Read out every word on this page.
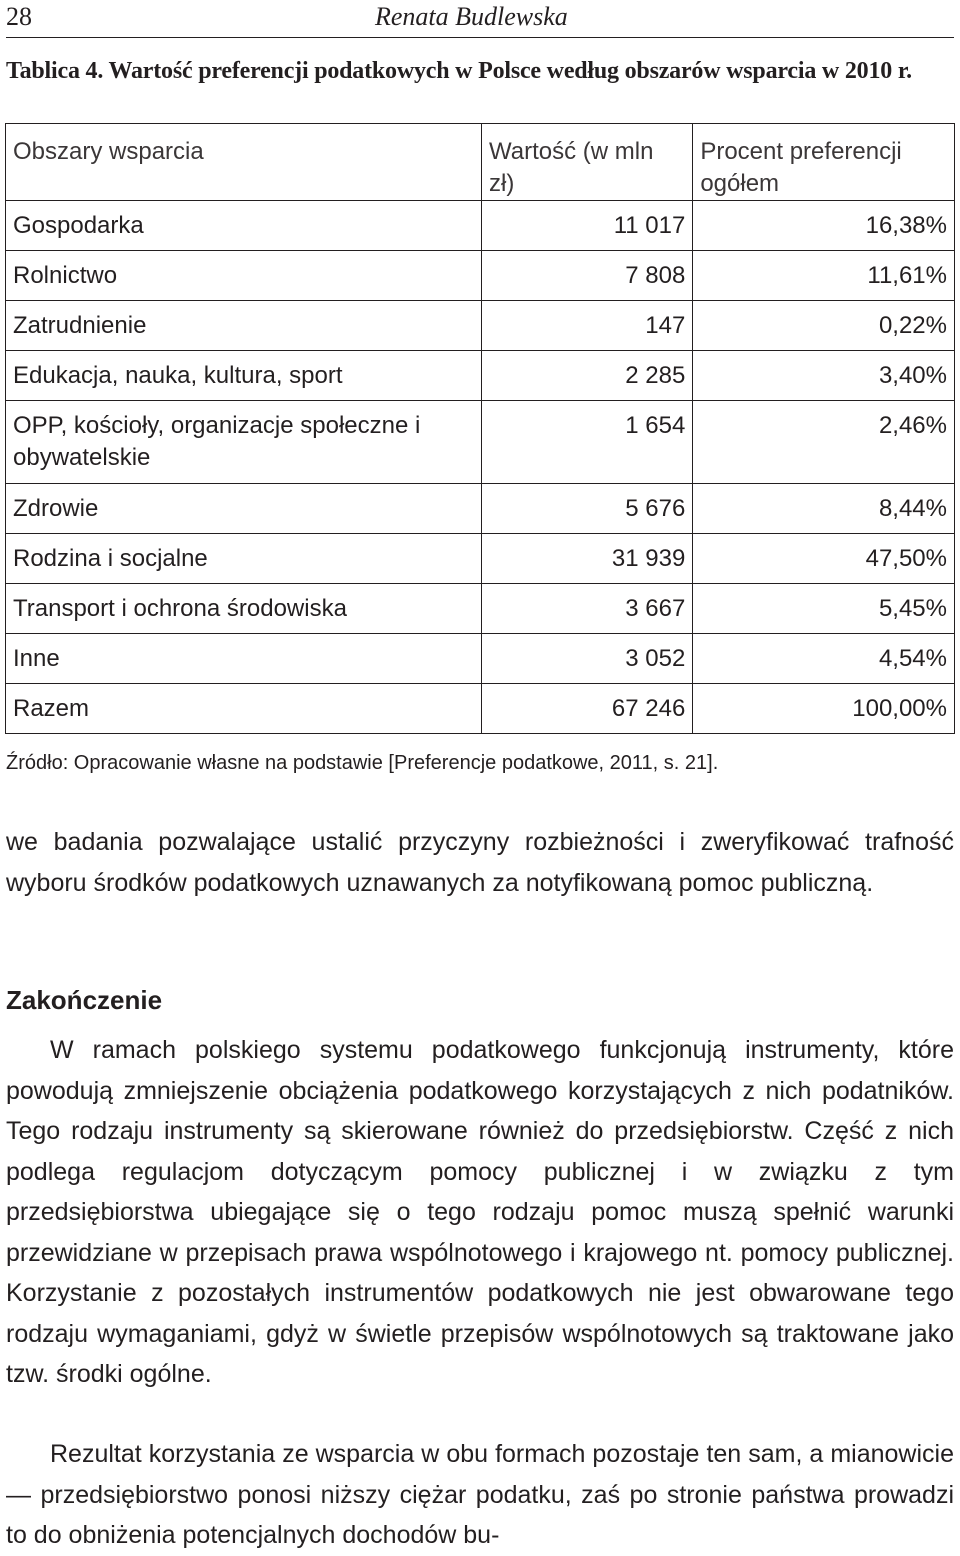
28	Renata Budlewska
Tablica 4. Wartość preferencji podatkowych w Polsce według obszarów wsparcia w 2010 r.
Obszary wsparcia	Wartość (w mln zł)	Procent preferencji ogółem
Gospodarka	11 017	16,38%
Rolnictwo	7 808	11,61%
Zatrudnienie	147	0,22%
Edukacja, nauka, kultura, sport	2 285	3,40%
OPP, kościoły, organizacje społeczne i obywatelskie	1 654	2,46%
Zdrowie	5 676	8,44%
Rodzina i socjalne	31 939	47,50%
Transport i ochrona środowiska	3 667	5,45%
Inne	3 052	4,54%
Razem	67 246	100,00%
Źródło: Opracowanie własne na podstawie [Preferencje podatkowe, 2011, s. 21].
we badania pozwalające ustalić przyczyny rozbieżności i zweryfikować trafność wyboru środków podatkowych uznawanych za notyfikowaną pomoc publiczną.
Zakończenie
W ramach polskiego systemu podatkowego funkcjonują instrumenty, które powodują zmniejszenie obciążenia podatkowego korzystających z nich podatników. Tego rodzaju instrumenty są skierowane również do przedsiębiorstw. Część z nich podlega regulacjom dotyczącym pomocy publicznej i w związku z tym przedsiębiorstwa ubiegające się o tego rodzaju pomoc muszą spełnić warunki przewidziane w przepisach prawa wspólnotowego i krajowego nt. pomocy publicznej. Korzystanie z pozostałych instrumentów podatkowych nie jest obwarowane tego rodzaju wymaganiami, gdyż w świetle przepisów wspólnotowych są traktowane jako tzw. środki ogólne.
Rezultat korzystania ze wsparcia w obu formach pozostaje ten sam, a mianowicie — przedsiębiorstwo ponosi niższy ciężar podatku, zaś po stronie państwa prowadzi to do obniżenia potencjalnych dochodów bu-
